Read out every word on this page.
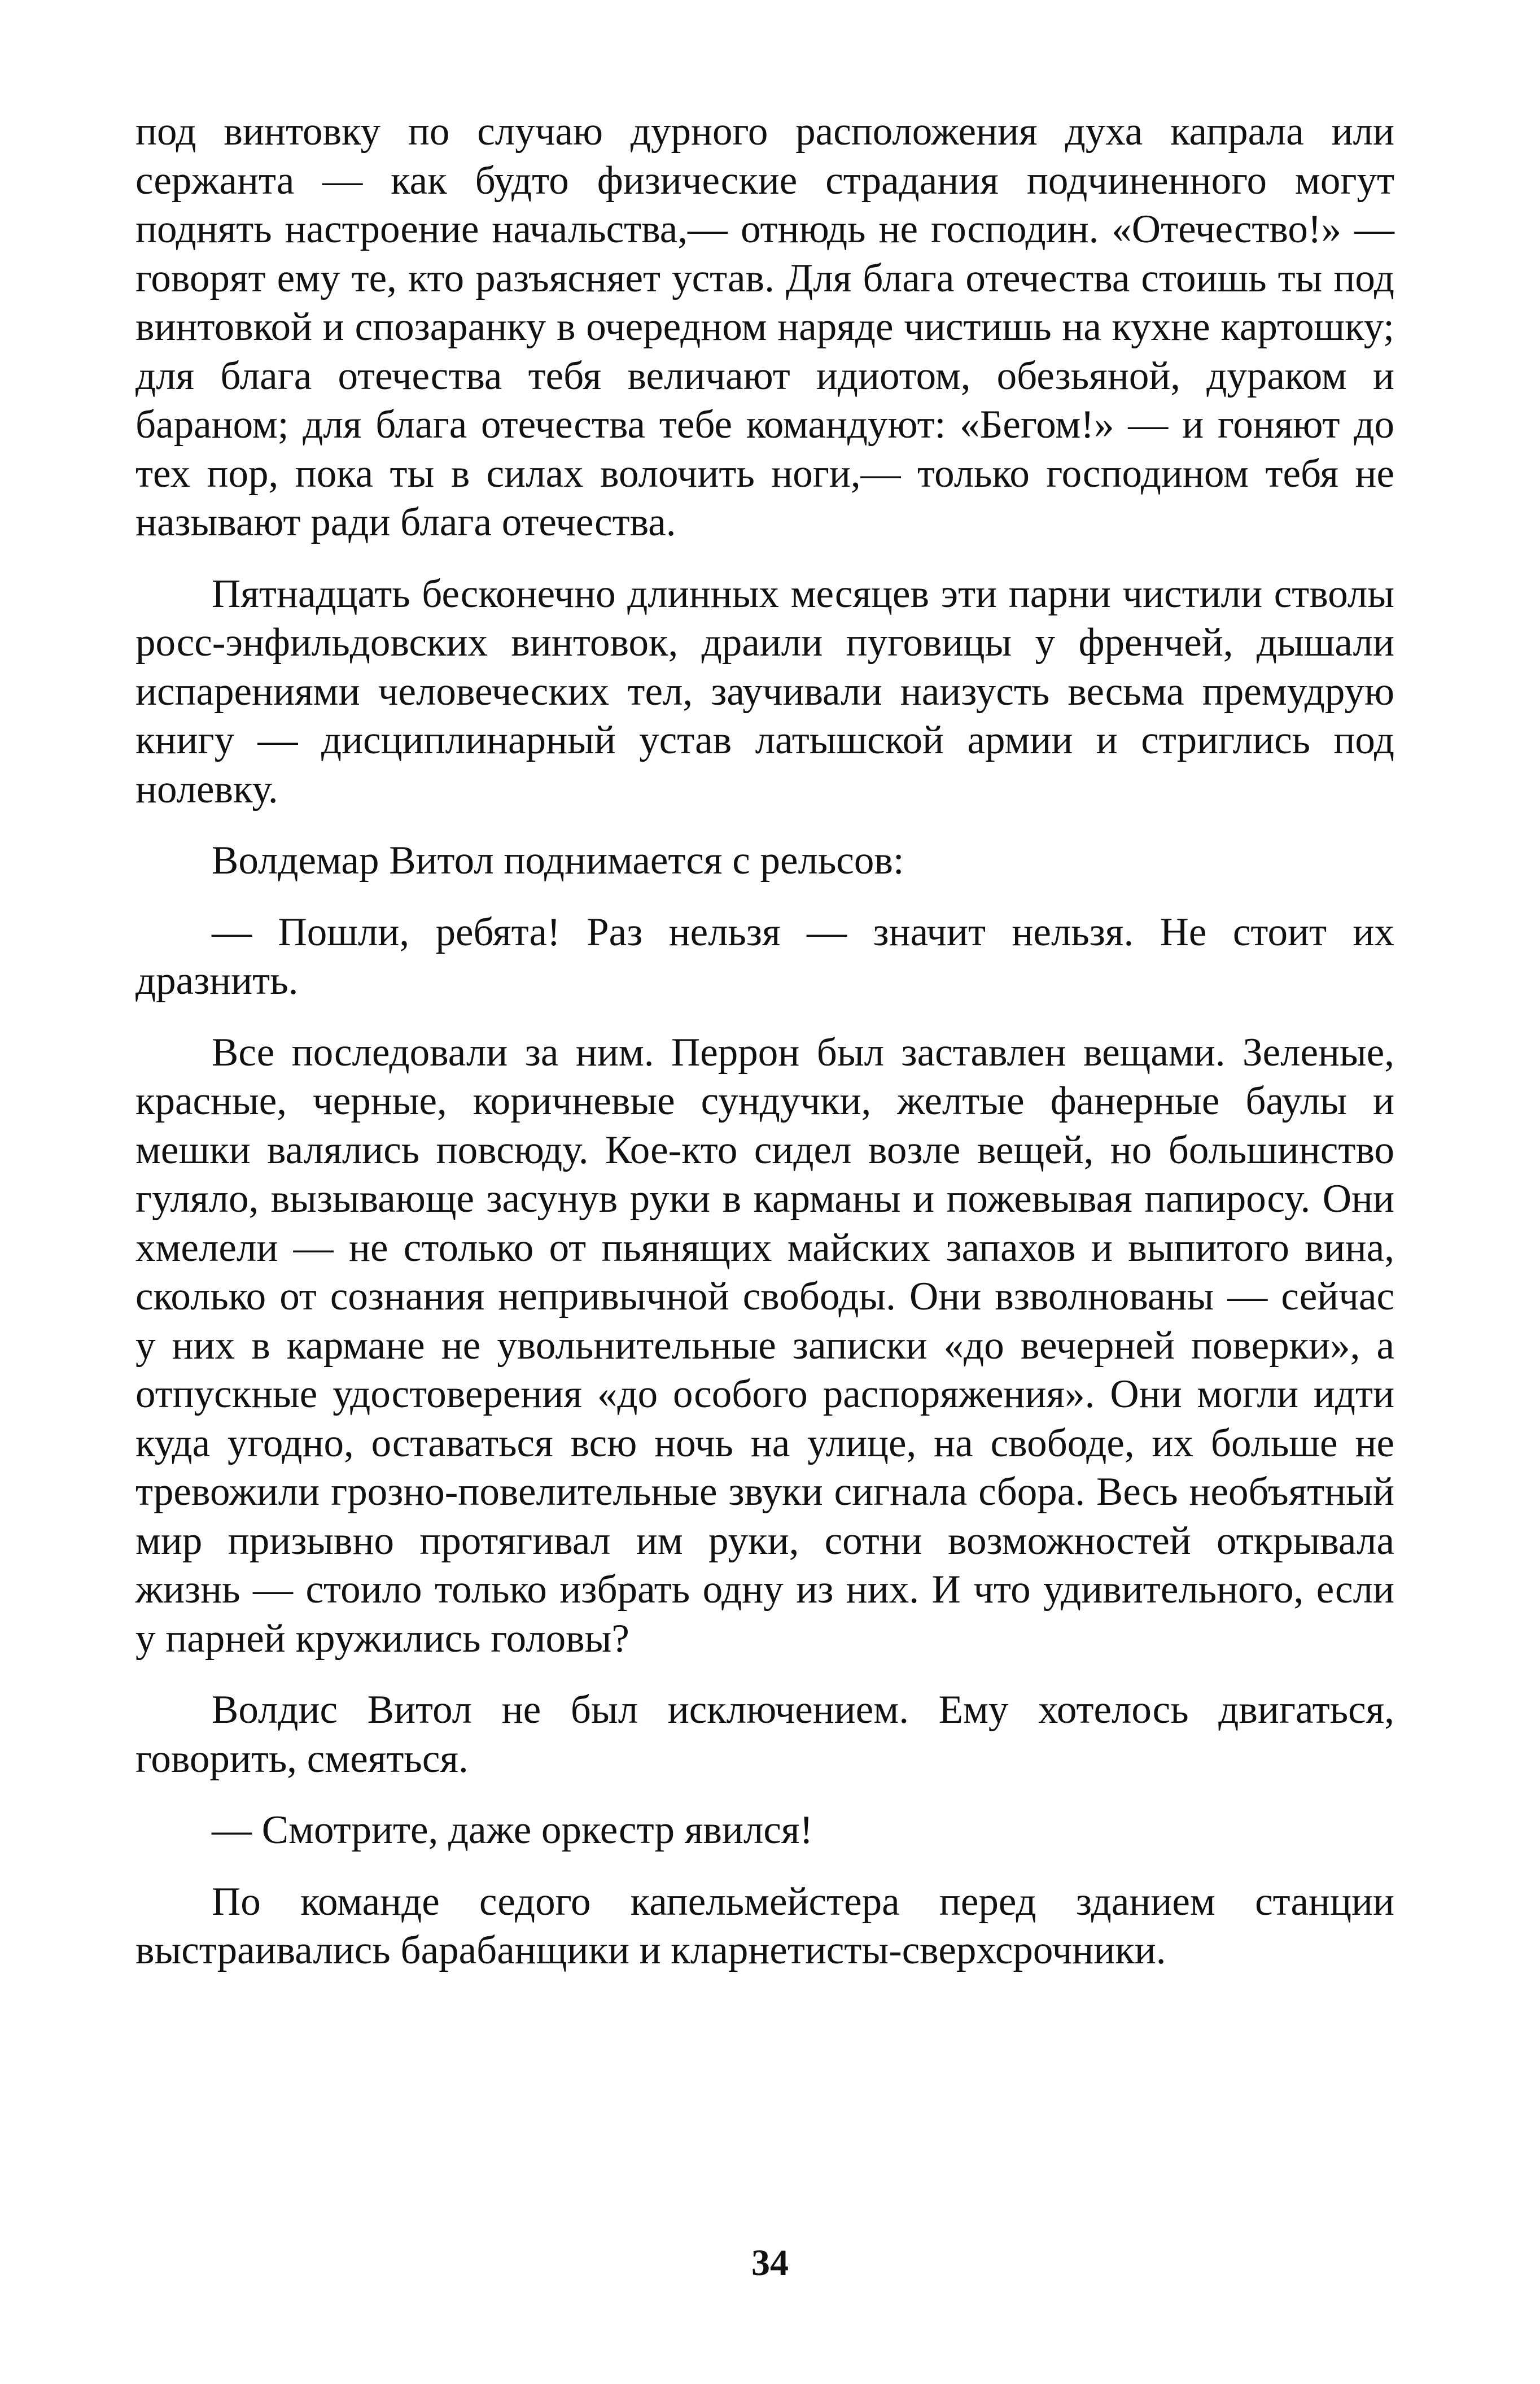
под винтовку по случаю дурного расположения духа капрала или сержанта — как будто физические страдания подчиненного могут поднять настроение начальства,— отнюдь не господин. «Отечество!» — говорят ему те, кто разъясняет устав. Для блага отечества стоишь ты под винтовкой и спозаранку в очередном наряде чистишь на кухне картошку; для блага отечества тебя величают идиотом, обезьяной, дураком и бараном; для блага отечества тебе командуют: «Бегом!» — и гоняют до тех пор, пока ты в силах волочить ноги,— только господином тебя не называют ради блага отечества.

Пятнадцать бесконечно длинных месяцев эти парни чистили стволы росс-энфильдовских винтовок, драили пуговицы у френчей, дышали испарениями человеческих тел, заучивали наизусть весьма премудрую книгу — дисциплинарный устав латышской армии и стриглись под нолевку.

Волдемар Витол поднимается с рельсов:

— Пошли, ребята! Раз нельзя — значит нельзя. Не стоит их дразнить.

Все последовали за ним. Перрон был заставлен вещами. Зеленые, красные, черные, коричневые сундучки, желтые фанерные баулы и мешки валялись повсюду. Кое-кто сидел возле вещей, но большинство гуляло, вызывающе засунув руки в карманы и пожевывая папиросу. Они хмелели — не столько от пьянящих майских запахов и выпитого вина, сколько от сознания непривычной свободы. Они взволнованы — сейчас у них в кармане не увольнительные записки «до вечерней поверки», а отпускные удостоверения «до особого распоряжения». Они могли идти куда угодно, оставаться всю ночь на улице, на свободе, их больше не тревожили грозно-повелительные звуки сигнала сбора. Весь необъятный мир призывно протягивал им руки, сотни возможностей открывала жизнь — стоило только избрать одну из них. И что удивительного, если у парней кружились головы?

Волдис Витол не был исключением. Ему хотелось двигаться, говорить, смеяться.

— Смотрите, даже оркестр явился!

По команде седого капельмейстера перед зданием станции выстраивались барабанщики и кларнетисты-сверхсрочники.

34
